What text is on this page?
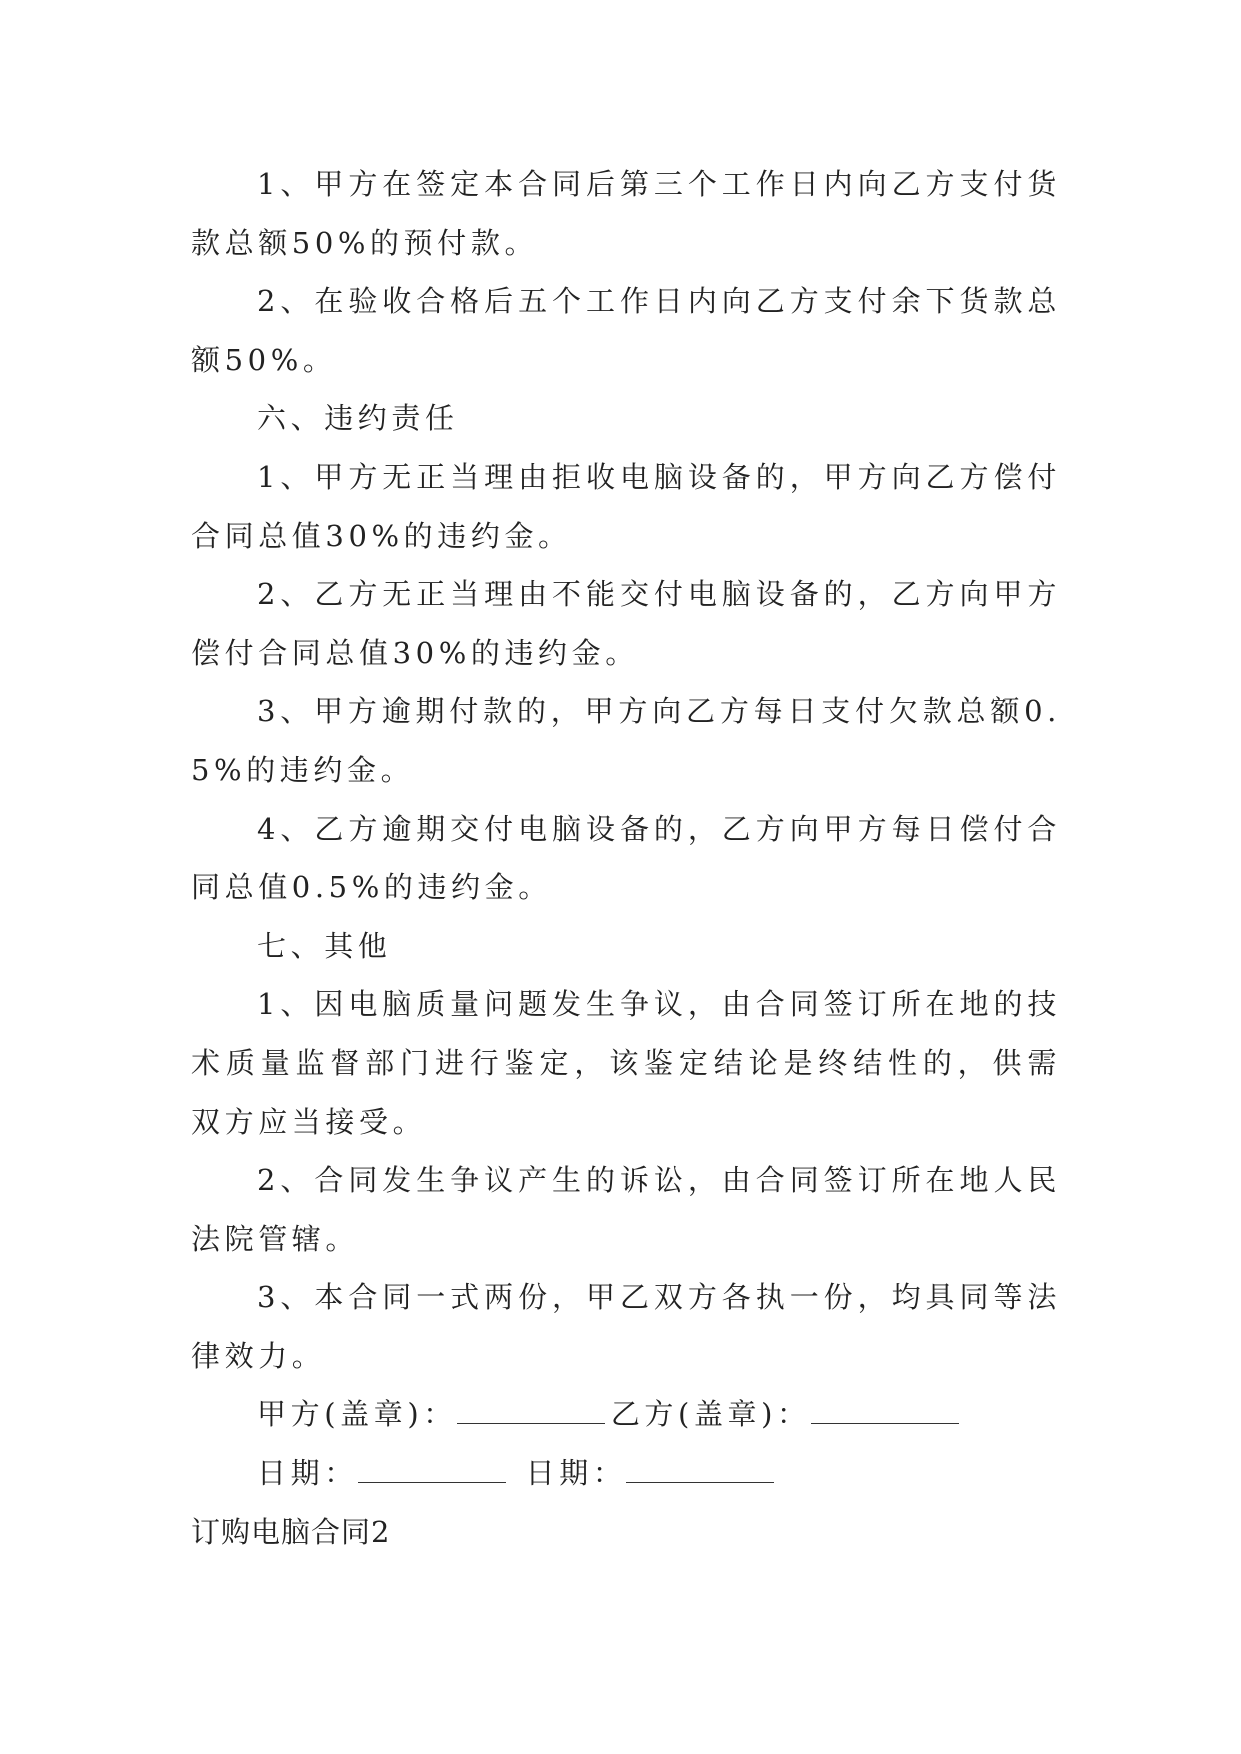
1、甲方在签定本合同后第三个工作日内向乙方支付货款总额50%的预付款。

2、在验收合格后五个工作日内向乙方支付余下货款总额50%。

六、违约责任

1、甲方无正当理由拒收电脑设备的，甲方向乙方偿付合同总值30%的违约金。

2、乙方无正当理由不能交付电脑设备的，乙方向甲方偿付合同总值30%的违约金。

3、甲方逾期付款的，甲方向乙方每日支付欠款总额0.5%的违约金。

4、乙方逾期交付电脑设备的，乙方向甲方每日偿付合同总值0.5%的违约金。

七、其他

1、因电脑质量问题发生争议，由合同签订所在地的技术质量监督部门进行鉴定，该鉴定结论是终结性的，供需双方应当接受。

2、合同发生争议产生的诉讼，由合同签订所在地人民法院管辖。

3、本合同一式两份，甲乙双方各执一份，均具同等法律效力。

甲方(盖章)：	乙方(盖章)：

日期：	日期：

订购电脑合同2
